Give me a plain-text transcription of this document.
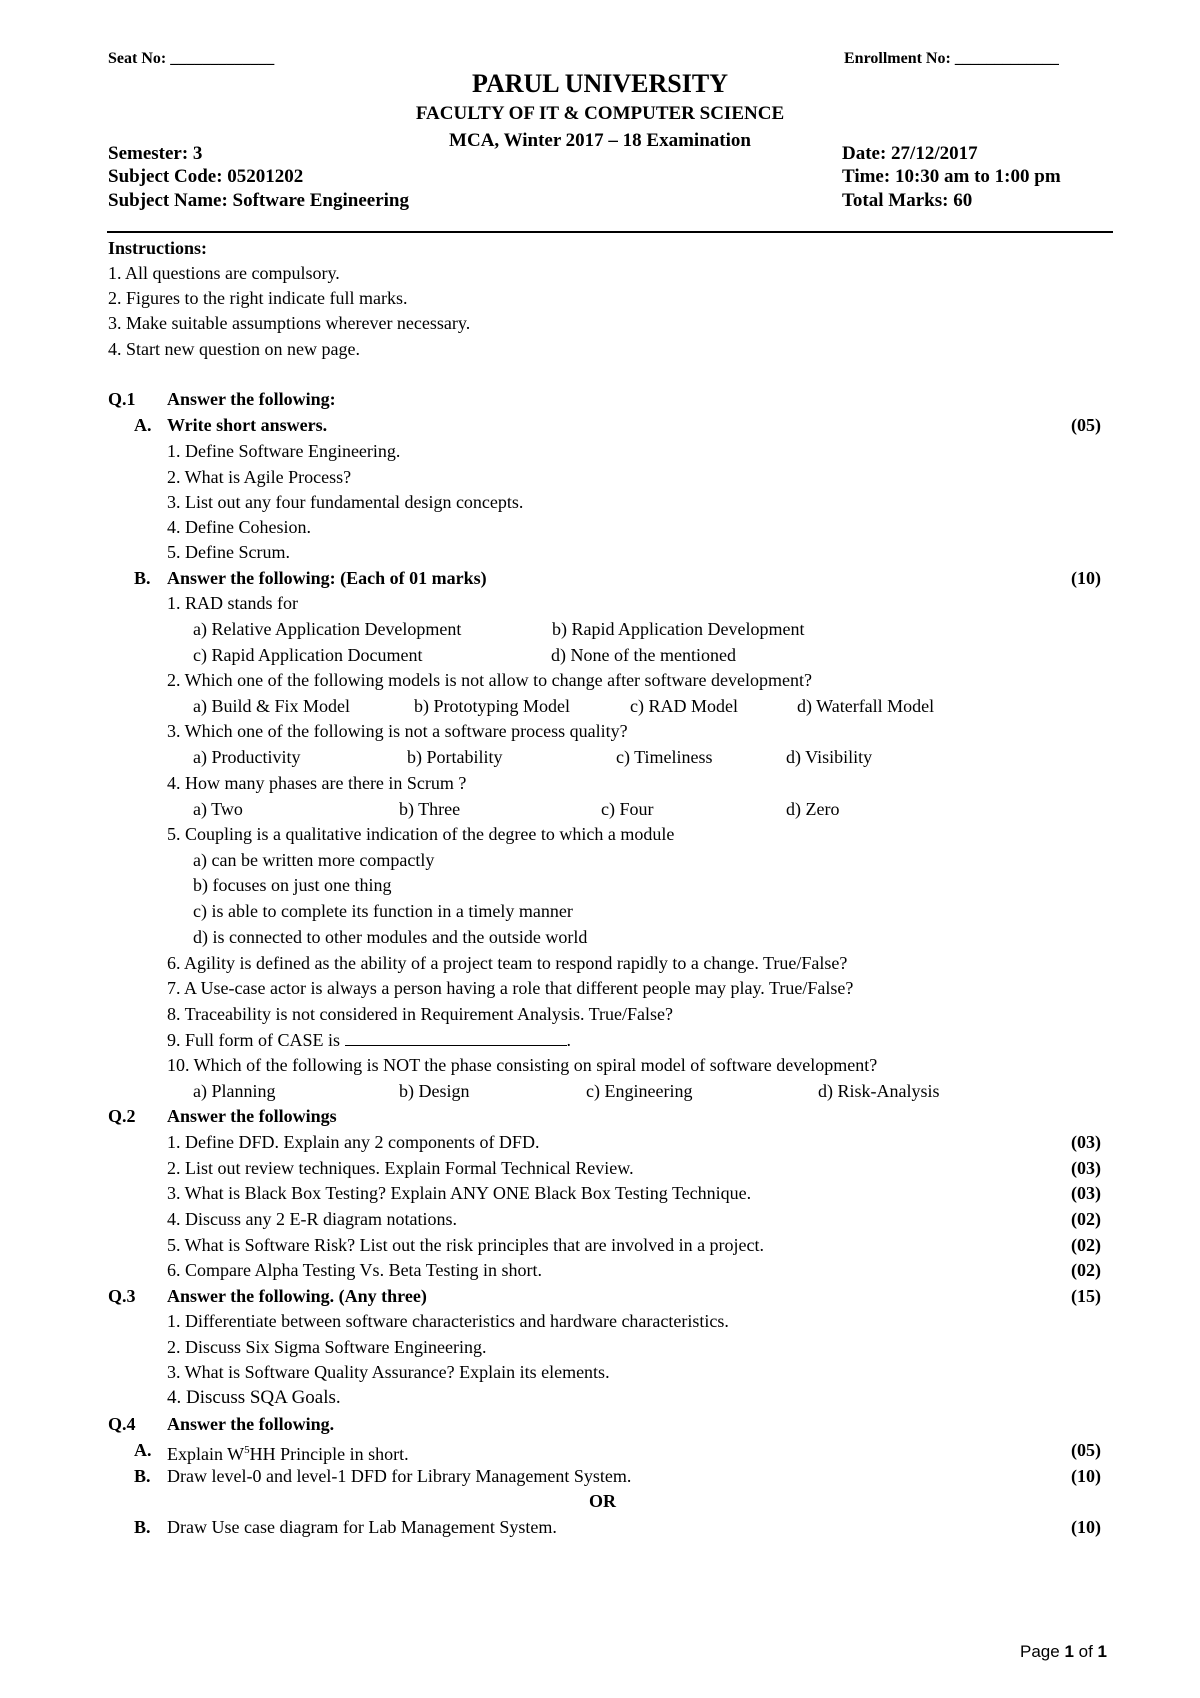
Seat No: _____________	Enrollment No: _____________
PARUL UNIVERSITY
FACULTY OF IT & COMPUTER SCIENCE
MCA, Winter 2017 – 18 Examination
Semester: 3	Date: 27/12/2017
Subject Code: 05201202	Time: 10:30 am to 1:00 pm
Subject Name: Software Engineering	Total Marks: 60
Instructions:
1. All questions are compulsory.
2. Figures to the right indicate full marks.
3. Make suitable assumptions wherever necessary.
4. Start new question on new page.
Q.1 Answer the following:
A. Write short answers.	(05)
1. Define Software Engineering.
2. What is Agile Process?
3. List out any four fundamental design concepts.
4. Define Cohesion.
5. Define Scrum.
B. Answer the following: (Each of 01 marks)	(10)
1. RAD stands for
a) Relative Application Development	b) Rapid Application Development
c) Rapid Application Document	d) None of the mentioned
2. Which one of the following models is not allow to change after software development?
a) Build & Fix Model	b) Prototyping Model	c) RAD Model	d) Waterfall Model
3. Which one of the following is not a software process quality?
a) Productivity	b) Portability	c) Timeliness	d) Visibility
4. How many phases are there in Scrum ?
a) Two	b) Three	c) Four	d) Zero
5. Coupling is a qualitative indication of the degree to which a module
a) can be written more compactly
b) focuses on just one thing
c) is able to complete its function in a timely manner
d) is connected to other modules and the outside world
6. Agility is defined as the ability of a project team to respond rapidly to a change. True/False?
7. A Use-case actor is always a person having a role that different people may play. True/False?
8. Traceability is not considered in Requirement Analysis. True/False?
9. Full form of CASE is	.
10. Which of the following is NOT the phase consisting on spiral model of software development?
a) Planning	b) Design	c) Engineering	d) Risk-Analysis
Q.2 Answer the followings
1. Define DFD. Explain any 2 components of DFD.	(03)
2. List out review techniques. Explain Formal Technical Review.	(03)
3. What is Black Box Testing? Explain ANY ONE Black Box Testing Technique.	(03)
4. Discuss any 2 E-R diagram notations.	(02)
5. What is Software Risk? List out the risk principles that are involved in a project.	(02)
6. Compare Alpha Testing Vs. Beta Testing in short.	(02)
Q.3 Answer the following. (Any three)	(15)
1. Differentiate between software characteristics and hardware characteristics.
2. Discuss Six Sigma Software Engineering.
3. What is Software Quality Assurance? Explain its elements.
4. Discuss SQA Goals.
Q.4 Answer the following.
A. Explain $W^5HH$ Principle in short.	(05)
B. Draw level-0 and level-1 DFD for Library Management System.	(10)
OR
B. Draw Use case diagram for Lab Management System.	(10)
Page 1 of 1
